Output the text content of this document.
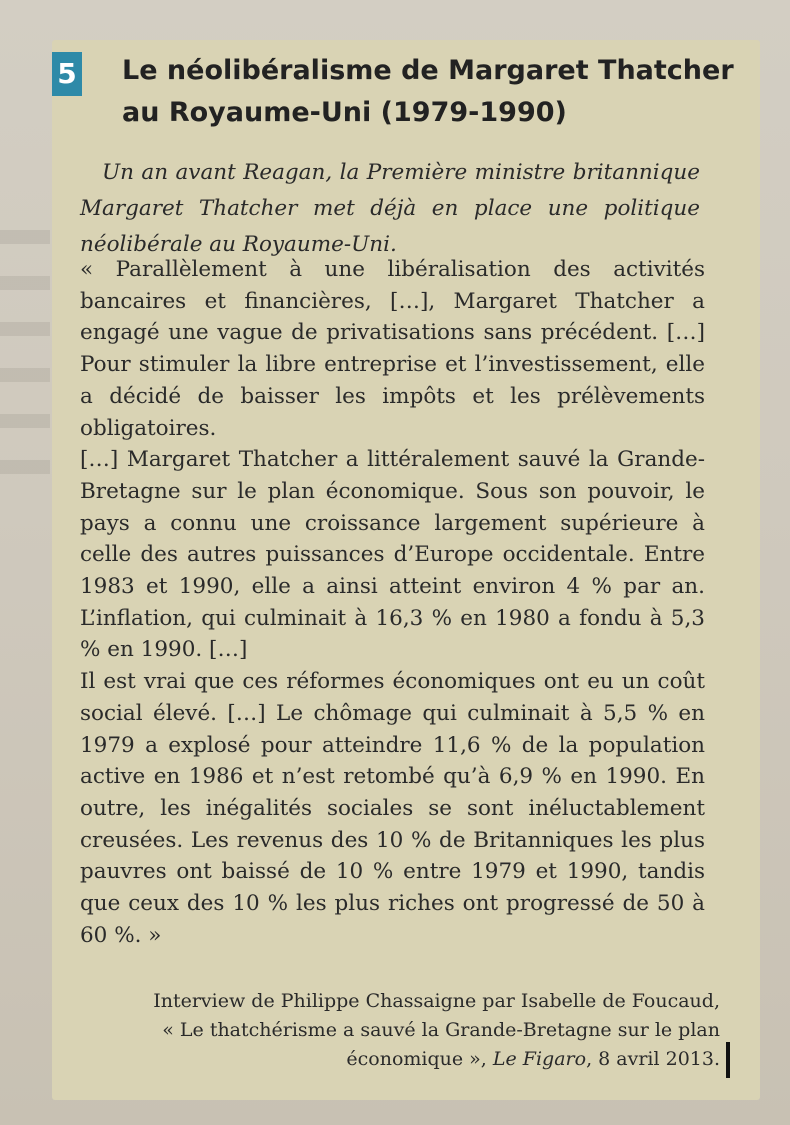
5 Le néolibéralisme de Margaret Thatcher
au Royaume-Uni (1979-1990)

Un an avant Reagan, la Première ministre britannique Margaret Thatcher met déjà en place une politique néolibérale au Royaume-Uni.

« Parallèlement à une libéralisation des activités bancaires et financières, […], Margaret Thatcher a engagé une vague de privatisations sans précédent. […] Pour stimuler la libre entreprise et l’investissement, elle a décidé de baisser les impôts et les prélèvements obligatoires.

[…] Margaret Thatcher a littéralement sauvé la Grande-Bretagne sur le plan économique. Sous son pouvoir, le pays a connu une croissance largement supérieure à celle des autres puissances d’Europe occidentale. Entre 1983 et 1990, elle a ainsi atteint environ 4 % par an. L’inflation, qui culminait à 16,3 % en 1980 a fondu à 5,3 % en 1990. […]

Il est vrai que ces réformes économiques ont eu un coût social élevé. […] Le chômage qui culminait à 5,5 % en 1979 a explosé pour atteindre 11,6 % de la population active en 1986 et n’est retombé qu’à 6,9 % en 1990. En outre, les inégalités sociales se sont inéluctablement creusées. Les revenus des 10 % de Britanniques les plus pauvres ont baissé de 10 % entre 1979 et 1990, tandis que ceux des 10 % les plus riches ont progressé de 50 à 60 %. »

Interview de Philippe Chassaigne par Isabelle de Foucaud,
« Le thatchérisme a sauvé la Grande-Bretagne sur le plan économique », Le Figaro, 8 avril 2013.
